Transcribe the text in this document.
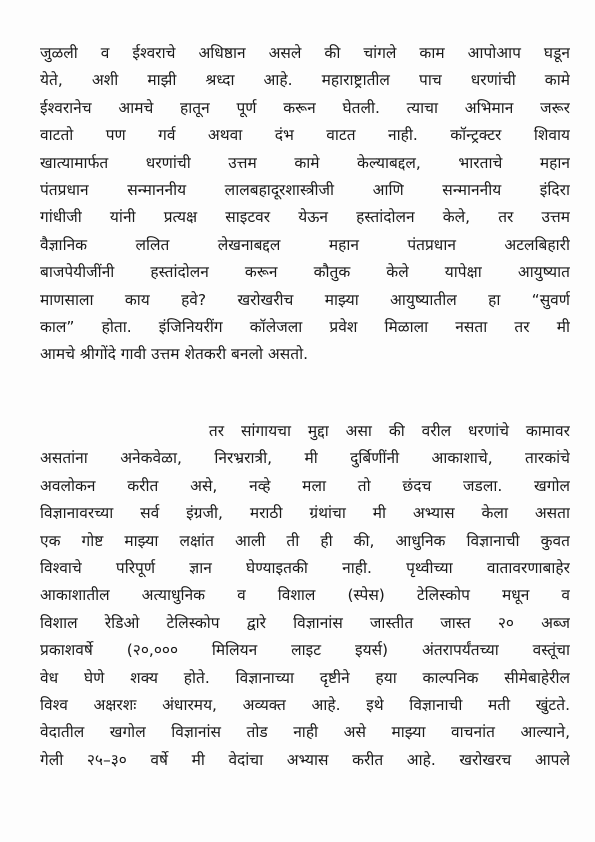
जुळली व ईश्वराचे अधिष्ठान असले की चांगले काम आपोआप घडून
येते, अशी माझी श्रध्दा आहे. महाराष्ट्रातील पाच धरणांची कामे
ईश्वरानेच आमचे हातून पूर्ण करून घेतली. त्याचा अभिमान जरूर
वाटतो पण गर्व अथवा दंभ वाटत नाही. कॉन्ट्रक्टर शिवाय
खात्यामार्फत धरणांची उत्तम कामे केल्याबद्दल, भारताचे महान
पंतप्रधान सन्माननीय लालबहादूरशास्त्रीजी आणि सन्माननीय इंदिरा
गांधीजी यांनी प्रत्यक्ष साइटवर येऊन हस्तांदोलन केले, तर उत्तम
वैज्ञानिक ललित लेखनाबद्दल महान पंतप्रधान अटलबिहारी
बाजपेयीजींनी हस्तांदोलन करून कौतुक केले यापेक्षा आयुष्यात
माणसाला काय हवे? खरोखरीच माझ्या आयुष्यातील हा “सुवर्ण
काल” होता. इंजिनियरींग कॉलेजला प्रवेश मिळाला नसता तर मी
आमचे श्रीगोंदे गावी उत्तम शेतकरी बनलो असतो.
तर सांगायचा मुद्दा असा की वरील धरणांचे कामावर
असतांना अनेकवेळा, निरभ्ररात्री, मी दुर्बिणींनी आकाशाचे, तारकांचे
अवलोकन करीत असे, नव्हे मला तो छंदच जडला. खगोल
विज्ञानावरच्या सर्व इंग्रजी, मराठी ग्रंथांचा मी अभ्यास केला असता
एक गोष्ट माझ्या लक्षांत आली ती ही की, आधुनिक विज्ञानाची कुवत
विश्वाचे परिपूर्ण ज्ञान घेण्याइतकी नाही. पृथ्वीच्या वातावरणाबाहेर
आकाशातील अत्याधुनिक व विशाल (स्पेस) टेलिस्कोप मधून व
विशाल रेडिओ टेलिस्कोप द्वारे विज्ञानांस जास्तीत जास्त २० अब्ज
प्रकाशवर्षे (२०,००० मिलियन लाइट इयर्स) अंतरापर्यंतच्या वस्तूंचा
वेध घेणे शक्य होते. विज्ञानाच्या दृष्टीने हया काल्पनिक सीमेबाहेरील
विश्व अक्षरशः अंधारमय, अव्यक्त आहे. इथे विज्ञानाची मती खुंटते.
वेदातील खगोल विज्ञानांस तोड नाही असे माझ्या वाचनांत आल्याने,
गेली २५–३० वर्षे मी वेदांचा अभ्यास करीत आहे. खरोखरच आपले
